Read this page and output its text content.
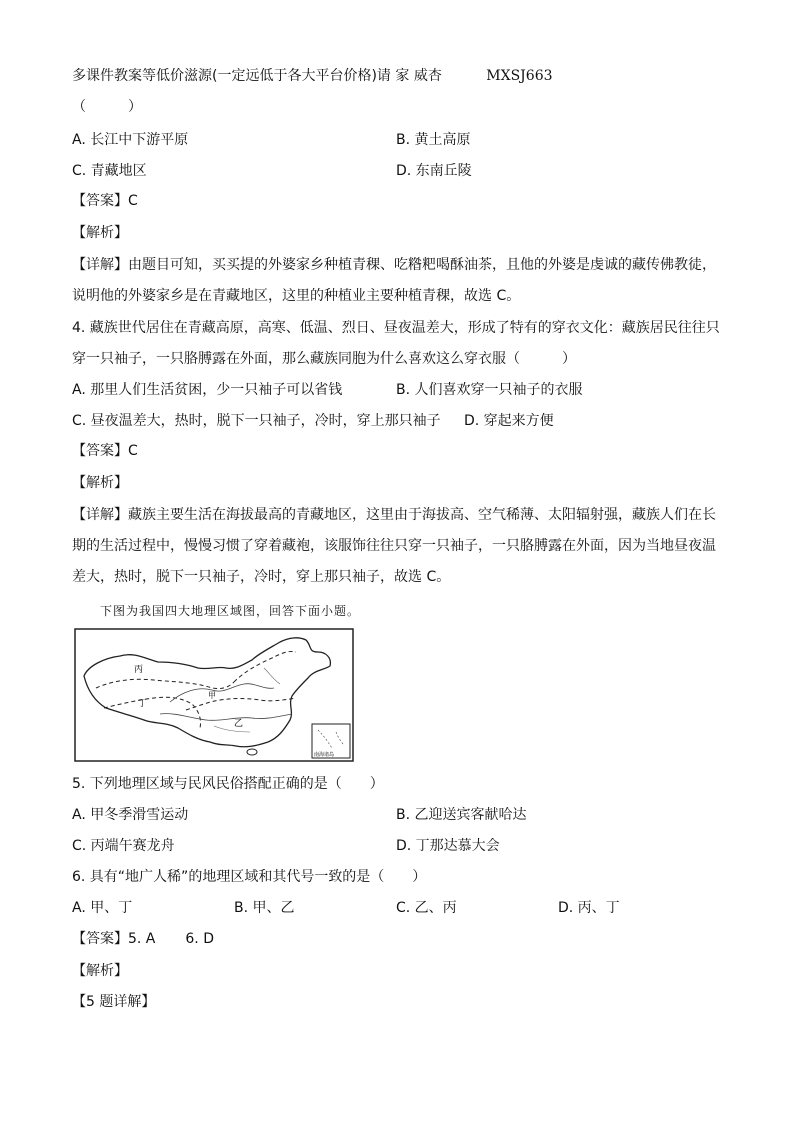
多课件教案等低价滋源(一定远低于各大平台价格)请 家 威杏	MXSJ663
（　　　）
A. 长江中下游平原	B. 黄土高原
C. 青藏地区	D. 东南丘陵
【答案】C
【解析】
【详解】由题目可知，买买提的外婆家乡种植青稞、吃糌粑喝酥油茶，且他的外婆是虔诚的藏传佛教徒，
说明他的外婆家乡是在青藏地区，这里的种植业主要种植青稞，故选 C。
4. 藏族世代居住在青藏高原，高寒、低温、烈日、昼夜温差大，形成了特有的穿衣文化：藏族居民往往只
穿一只袖子，一只胳膊露在外面，那么藏族同胞为什么喜欢这么穿衣服（　　　）
A. 那里人们生活贫困，少一只袖子可以省钱	B. 人们喜欢穿一只袖子的衣服
C. 昼夜温差大，热时，脱下一只袖子，冷时，穿上那只袖子 D. 穿起来方便
【答案】C
【解析】
【详解】藏族主要生活在海拔最高的青藏地区，这里由于海拔高、空气稀薄、太阳辐射强，藏族人们在长
期的生活过程中，慢慢习惯了穿着藏袍，该服饰往往只穿一只袖子，一只胳膊露在外面，因为当地昼夜温
差大，热时，脱下一只袖子，冷时，穿上那只袖子，故选 C。
下图为我国四大地理区域图，回答下面小题。
丙
甲
乙
丁
南海诸岛
5. 下列地理区域与民风民俗搭配正确的是（　　）
A. 甲冬季滑雪运动	B. 乙迎送宾客献哈达
C. 丙端午赛龙舟	D. 丁那达慕大会
6. 具有“地广人稀”的地理区域和其代号一致的是（　　）
A. 甲、丁	B. 甲、乙	C. 乙、丙	D. 丙、丁
【答案】5. A 6. D
【解析】
【5 题详解】
